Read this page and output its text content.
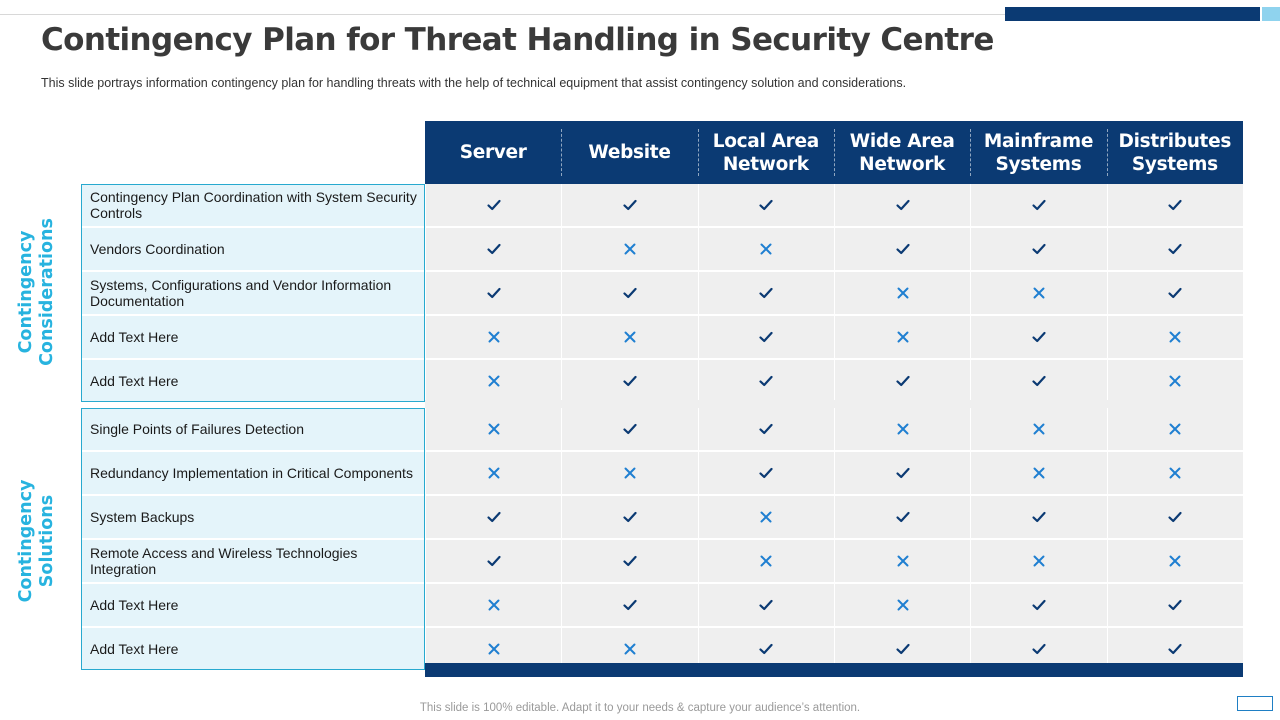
Contingency Plan for Threat Handling in Security Centre

This slide portrays information contingency plan for handling threats with the help of technical equipment that assist contingency solution and considerations.

Server	Website
Local Area
Network
Wide Area
Network
Mainframe
Systems
Distributes
Systems
Contingency Plan Coordination with System Security Controls
Vendors Coordination
Systems, Configurations and Vendor Information Documentation
Add Text Here
Add Text Here
Single Points of Failures Detection
Redundancy Implementation in Critical Components
System Backups
Remote Access and Wireless Technologies Integration
Add Text Here
Add Text Here
Contingency
Considerations
Contingency
Solutions

This slide is 100% editable. Adapt it to your needs & capture your audience’s attention.
